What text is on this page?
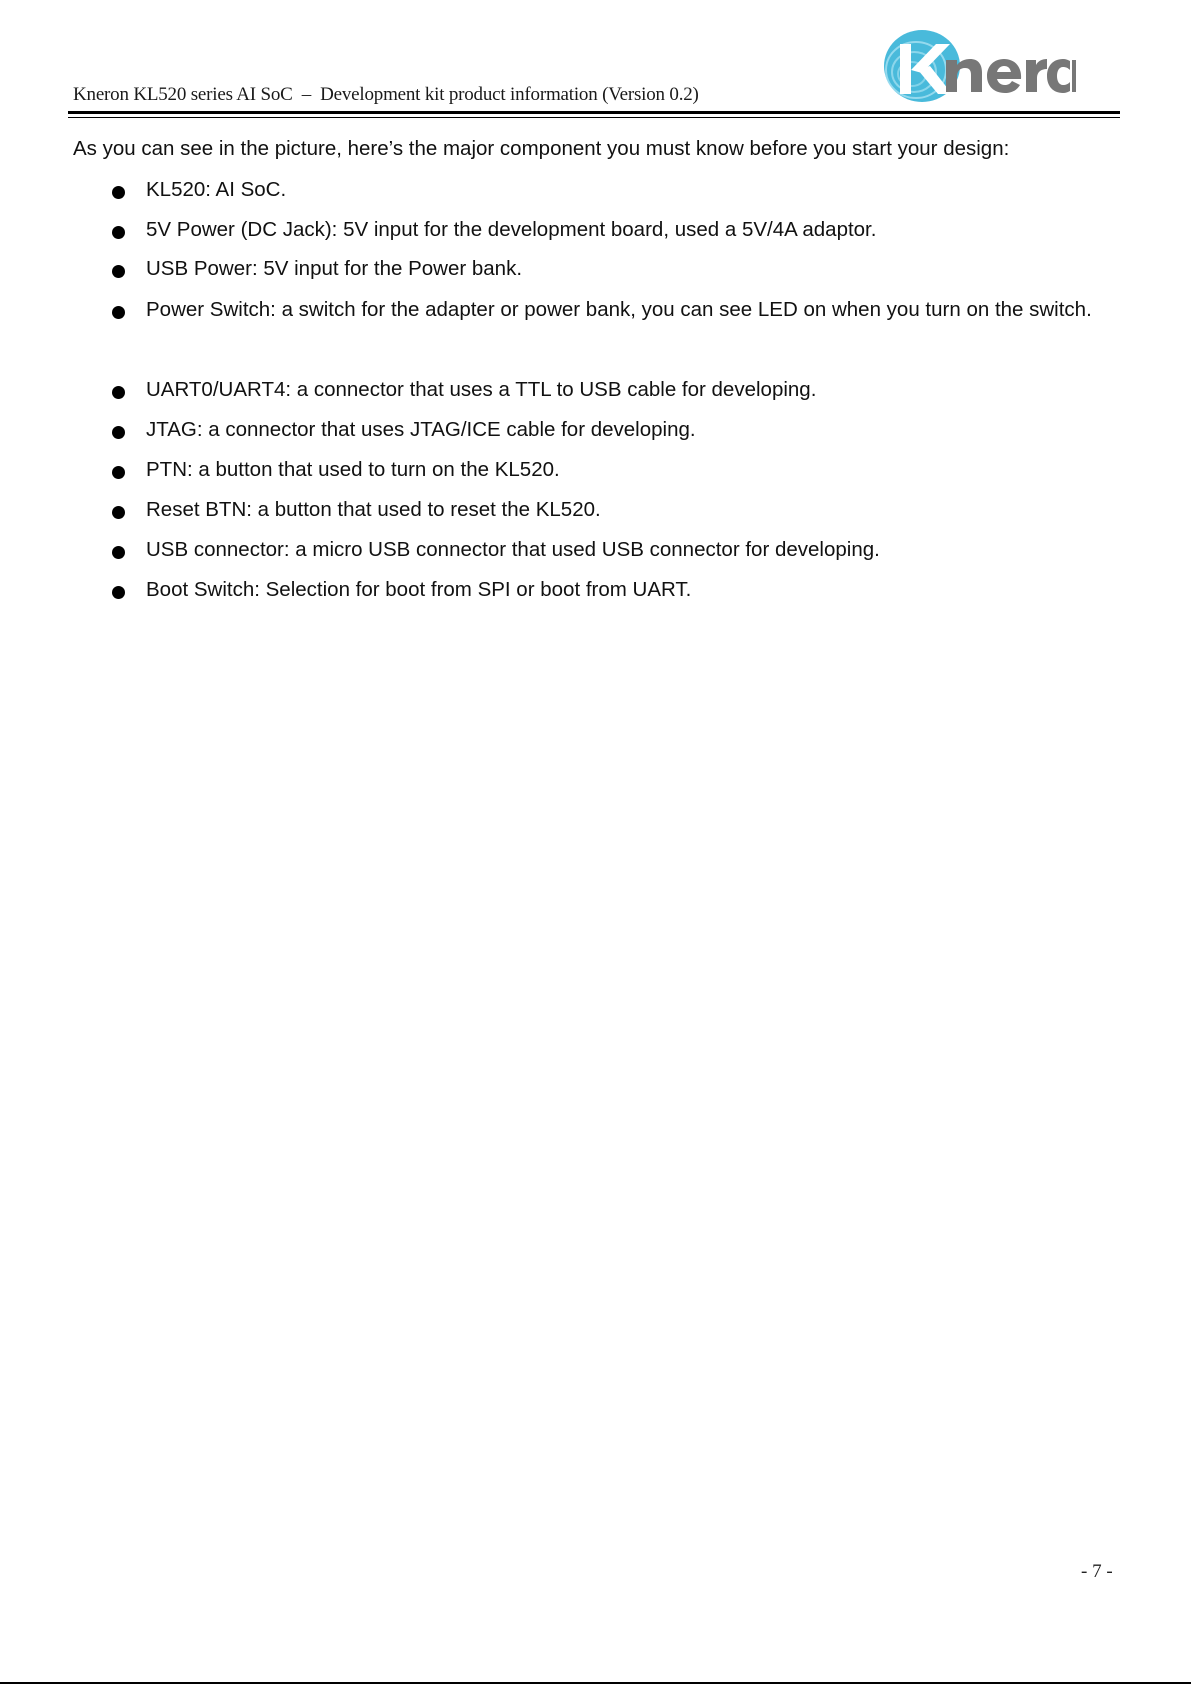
Kneron KL520 series AI SoC  –  Development kit product information (Version 0.2)
As you can see in the picture, here’s the major component you must know before you start your design:
KL520: AI SoC.
5V Power (DC Jack): 5V input for the development board, used a 5V/4A adaptor.
USB Power: 5V input for the Power bank.
Power Switch: a switch for the adapter or power bank, you can see LED on when you turn on the switch.
UART0/UART4: a connector that uses a TTL to USB cable for developing.
JTAG: a connector that uses JTAG/ICE cable for developing.
PTN: a button that used to turn on the KL520.
Reset BTN: a button that used to reset the KL520.
USB connector: a micro USB connector that used USB connector for developing.
Boot Switch: Selection for boot from SPI or boot from UART.
- 7 -
